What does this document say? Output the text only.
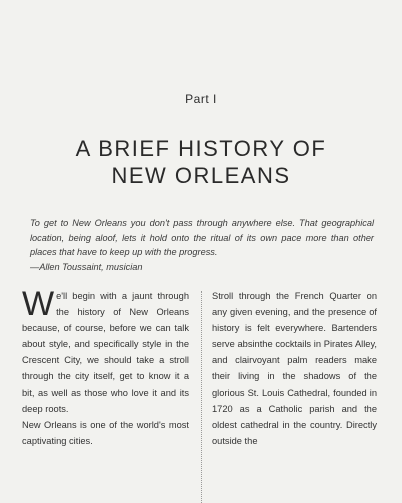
Part I
A BRIEF HISTORY OF
NEW ORLEANS
To get to New Orleans you don't pass through anywhere else. That geographical location, being aloof, lets it hold onto the ritual of its own pace more than other places that have to keep up with the progress.
—Allen Toussaint, musician

We'll begin with a jaunt through the history of New Orleans because, of course, before we can talk about style, and specifically style in the Crescent City, we should take a stroll through the city itself, get to know it a bit, as well as those who love it and its deep roots.

New Orleans is one of the world's most captivating cities.

Stroll through the French Quarter on any given evening, and the presence of history is felt everywhere. Bartenders serve absinthe cocktails in Pirates Alley, and clairvoyant palm readers make their living in the shadows of the glorious St. Louis Cathedral, founded in 1720 as a Catholic parish and the oldest cathedral in the country. Directly outside the
